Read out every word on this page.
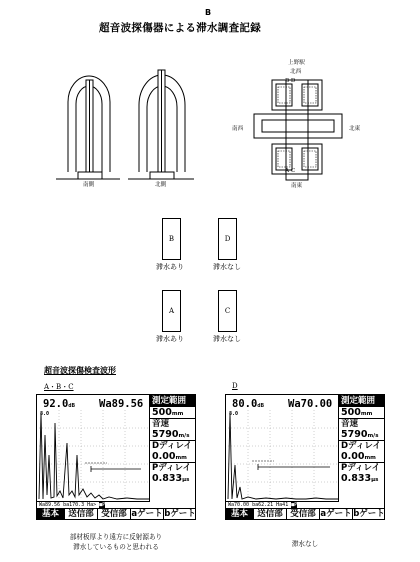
B
超音波探傷器による滞水調査記録
南側	北側
上野駅
北西
B D
A C
南西	北東
南東
B
滞水あり
D
滞水なし
A
滞水あり
C
滞水なし
超音波探傷検査波形
A・B・C	D
92.0dB Wa89.56
8.0
Wa89.56 ba170.3 Ha> ■P
測定範囲
500mm
音速
5790m/s
Dディレイ
0.00mm
Pディレイ
0.833μs
基本	送信部 受信部 aゲート bゲート
80.0dB Wa70.00
8.0
Wa70.00 ba62.21 Ha41 ■P
測定範囲
500mm
音速
5790m/s
Dディレイ
0.00mm
Pディレイ
0.833μs
基本	送信部 受信部 aゲート bゲート
部材板厚より遠方に反射源あり
滞水しているものと思われる	滞水なし
